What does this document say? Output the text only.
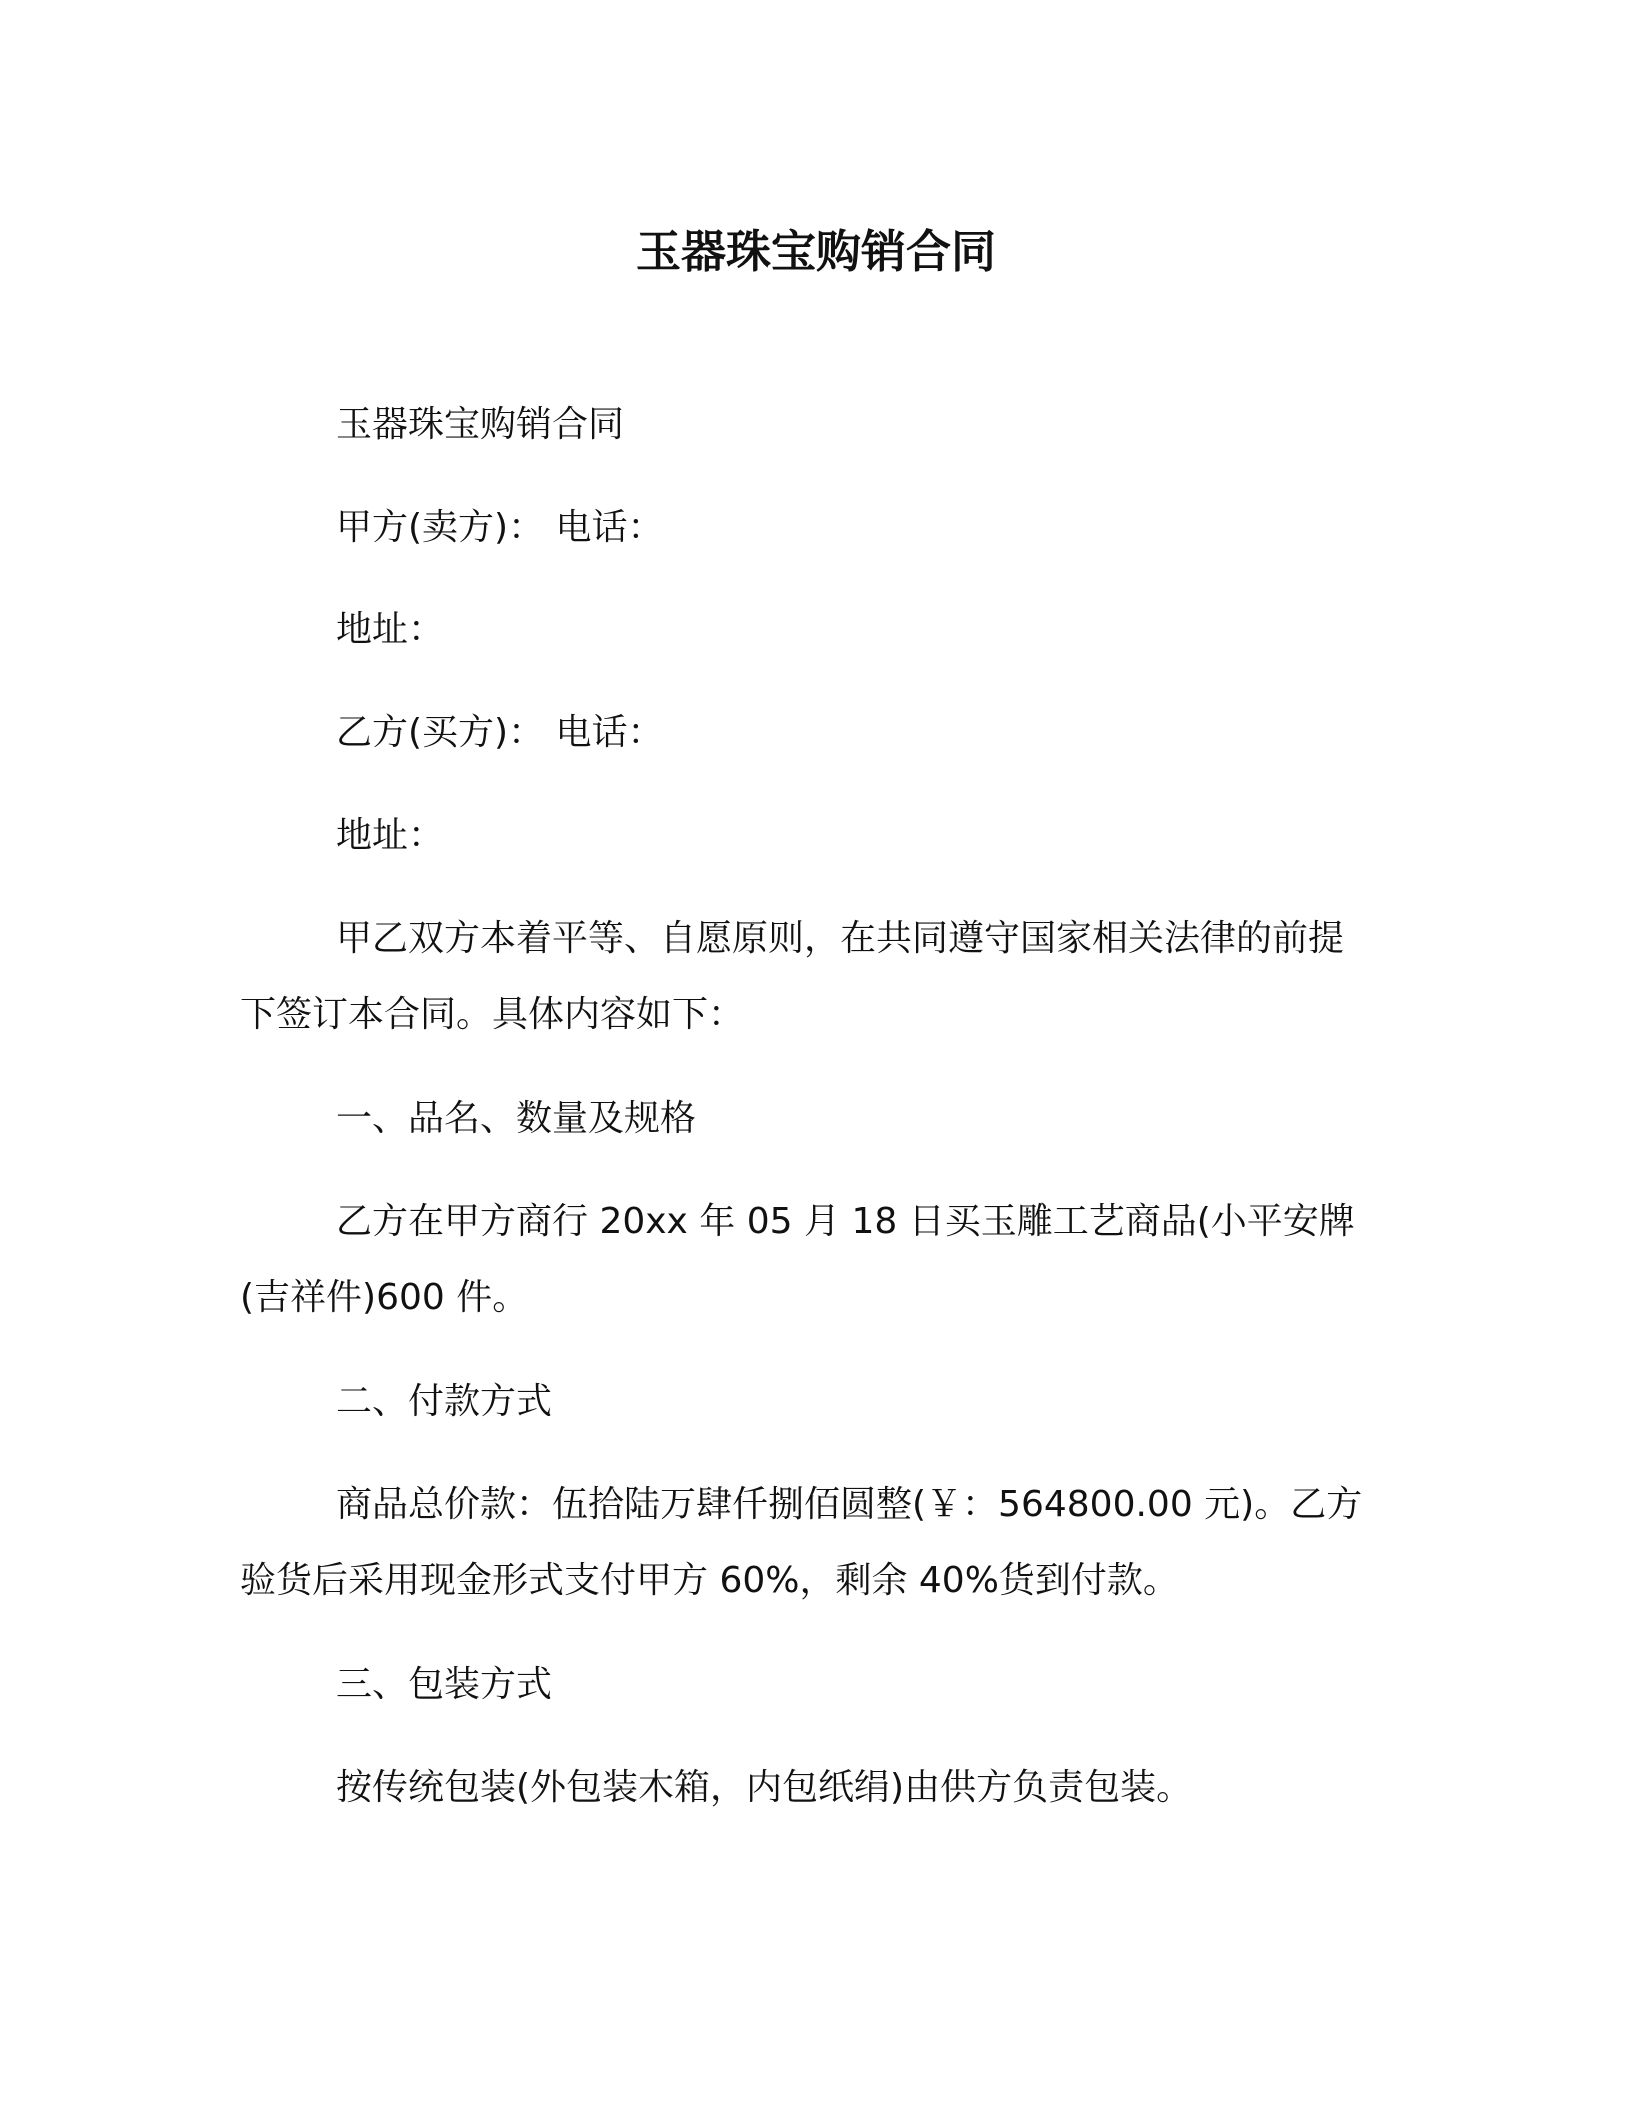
玉器珠宝购销合同
玉器珠宝购销合同
甲方(卖方)： 电话：
地址：
乙方(买方)： 电话：
地址：
甲乙双方本着平等、自愿原则，在共同遵守国家相关法律的前提
下签订本合同。具体内容如下：
一、品名、数量及规格
乙方在甲方商行 20xx 年 05 月 18 日买玉雕工艺商品(小平安牌
(吉祥件)600 件。
二、付款方式
商品总价款：伍拾陆万肆仟捌佰圆整(￥：564800.00 元)。乙方
验货后采用现金形式支付甲方 60%，剩余 40%货到付款。
三、包装方式
按传统包装(外包装木箱，内包纸绢)由供方负责包装。
